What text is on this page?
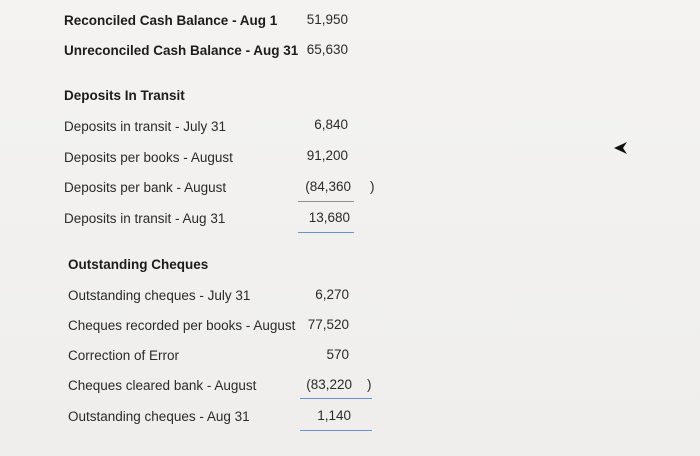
Reconciled Cash Balance - Aug 1 51,950
Unreconciled Cash Balance - Aug 31 65,630
Deposits In Transit
Deposits in transit - July 31	6,840
Deposits per books - August	91,200
Deposits per bank - August	(84,360 )
Deposits in transit - Aug 31	13,680
Outstanding Cheques
Outstanding cheques - July 31	6,270
Cheques recorded per books - August 77,520
Correction of Error	570
Cheques cleared bank - August	(83,220 )
Outstanding cheques - Aug 31	1,140
